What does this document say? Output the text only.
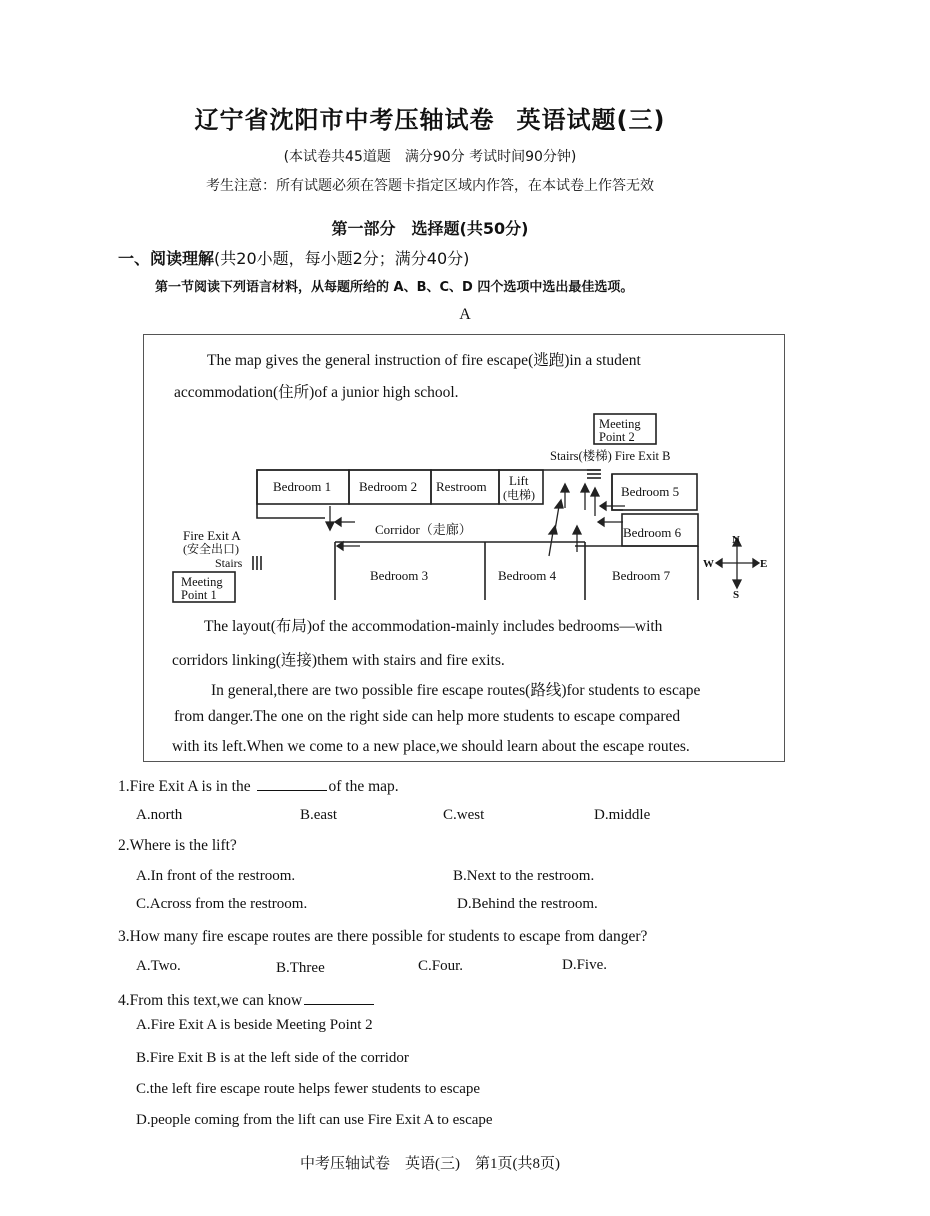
辽宁省沈阳市中考压轴试卷 英语试题(三)
(本试卷共45道题　满分90分 考试时间90分钟)
考生注意：所有试题必须在答题卡指定区域内作答，在本试卷上作答无效
第一部分　选择题(共50分)
一、阅读理解(共20小题，每小题2分；满分40分)
第一节阅读下列语言材料，从每题所给的 A、B、C、D 四个选项中选出最佳选项。
A
The map gives the general instruction of fire escape(逃跑)in a student
accommodation(住所)of a junior high school.
Bedroom 1 Bedroom 2 Restroom Lift
(电梯)	Bedroom 5
Bedroom 6
Corridor（走廊）
Bedroom 3	Bedroom 4	Bedroom 7
Fire Exit A
(安全出口)
Stairs
Meeting
Point 1
Meeting
Point 2
Stairs(楼梯) Fire Exit B
N
S
W	E
The layout(布局)of the accommodation-mainly includes bedrooms—with
corridors linking(连接)them with stairs and fire exits.
In general,there are two possible fire escape routes(路线)for students to escape
from danger.The one on the right side can help more students to escape compared
with its left.When we come to a new place,we should learn about the escape routes.
1.Fire Exit A is in the	of the map.
A.north	B.east	C.west	D.middle
2.Where is the lift?
A.In front of the restroom.	B.Next to the restroom.
C.Across from the restroom.	D.Behind the restroom.
3.How many fire escape routes are there possible for students to escape from danger?
A.Two.	B.Three	C.Four.	D.Five.
4.From this text,we can know
A.Fire Exit A is beside Meeting Point 2
B.Fire Exit B is at the left side of the corridor
C.the left fire escape route helps fewer students to escape
D.people coming from the lift can use Fire Exit A to escape
中考压轴试卷　英语(三)　第1页(共8页)
